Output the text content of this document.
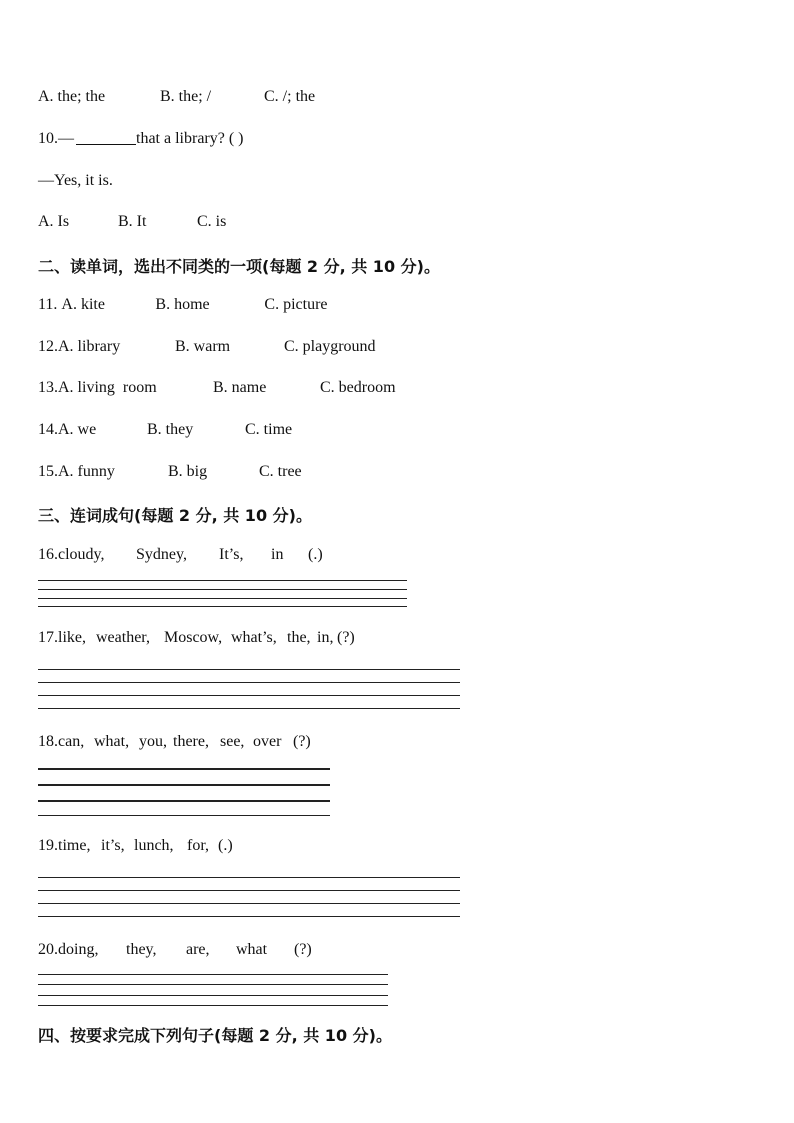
A. the; the	B. the; /	C. /; the
10.—	that a library? ( )
—Yes, it is.
A. Is	B. It	C. is
二、读单词，选出不同类的一项(每题 2 分, 共 10 分)。
11. A. kite	B. home	C. picture
12.A. library	B. warm	C. playground
13.A. living  room	B. name	C. bedroom
14.A. we	B. they	C. time
15.A. funny	B. big	C. tree
三、连词成句(每题 2 分, 共 10 分)。
16.cloudy, Sydney, It’s, in (.)
17.like, weather, Moscow, what’s, the, in, (?)
18.can, what, you, there, see, over (?)
19.time, it’s, lunch, for, (.)
20.doing, they, are, what (?)
四、按要求完成下列句子(每题 2 分, 共 10 分)。
